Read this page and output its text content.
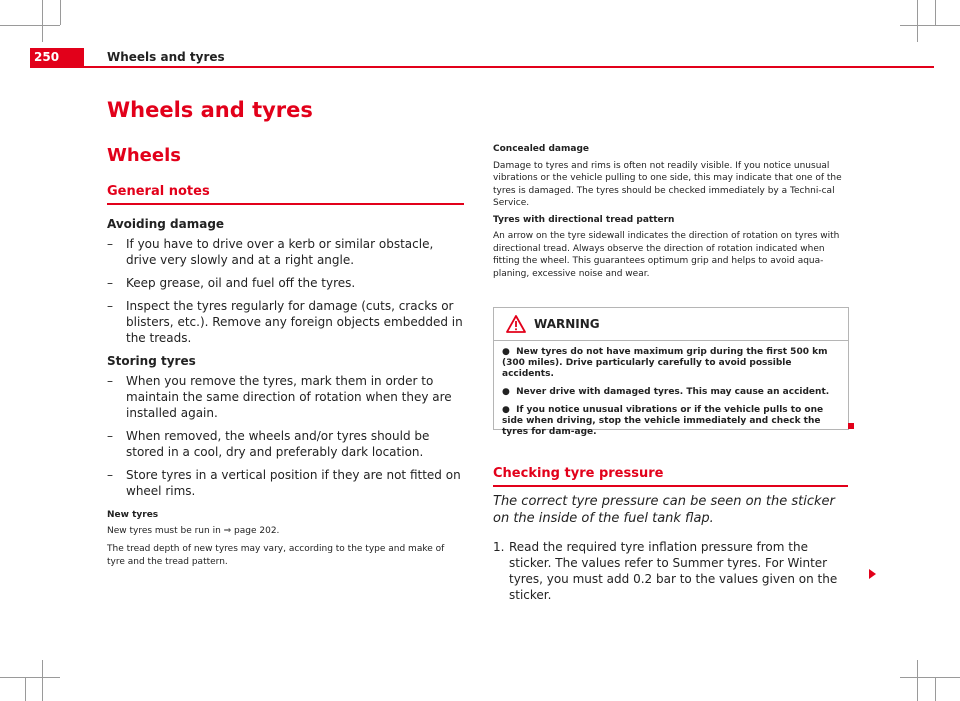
250	Wheels and tyres
Wheels and tyres
Wheels
General notes

Avoiding damage

– If you have to drive over a kerb or similar obstacle, drive very slowly and at a right angle.
– Keep grease, oil and fuel off the tyres.
– Inspect the tyres regularly for damage (cuts, cracks or blisters, etc.). Remove any foreign objects embedded in the treads.

Storing tyres

– When you remove the tyres, mark them in order to maintain the same direction of rotation when they are installed again.
– When removed, the wheels and/or tyres should be stored in a cool, dry and preferably dark location.
– Store tyres in a vertical position if they are not fitted on wheel rims.

New tyres

New tyres must be run in ⇒ page 202.

The tread depth of new tyres may vary, according to the type and make of tyre and the tread pattern.

Concealed damage

Damage to tyres and rims is often not readily visible. If you notice unusual vibrations or the vehicle pulling to one side, this may indicate that one of the tyres is damaged. The tyres should be checked immediately by a Techni-cal Service.

Tyres with directional tread pattern

An arrow on the tyre sidewall indicates the direction of rotation on tyres with directional tread. Always observe the direction of rotation indicated when fitting the wheel. This guarantees optimum grip and helps to avoid aqua-planing, excessive noise and wear.

WARNING

● New tyres do not have maximum grip during the first 500 km (300 miles). Drive particularly carefully to avoid possible accidents.

● Never drive with damaged tyres. This may cause an accident.

● If you notice unusual vibrations or if the vehicle pulls to one side when driving, stop the vehicle immediately and check the tyres for dam-age.

Checking tyre pressure

The correct tyre pressure can be seen on the sticker on the inside of the fuel tank flap.

1. Read the required tyre inflation pressure from the sticker. The values refer to Summer tyres. For Winter tyres, you must add 0.2 bar to the values given on the sticker.
